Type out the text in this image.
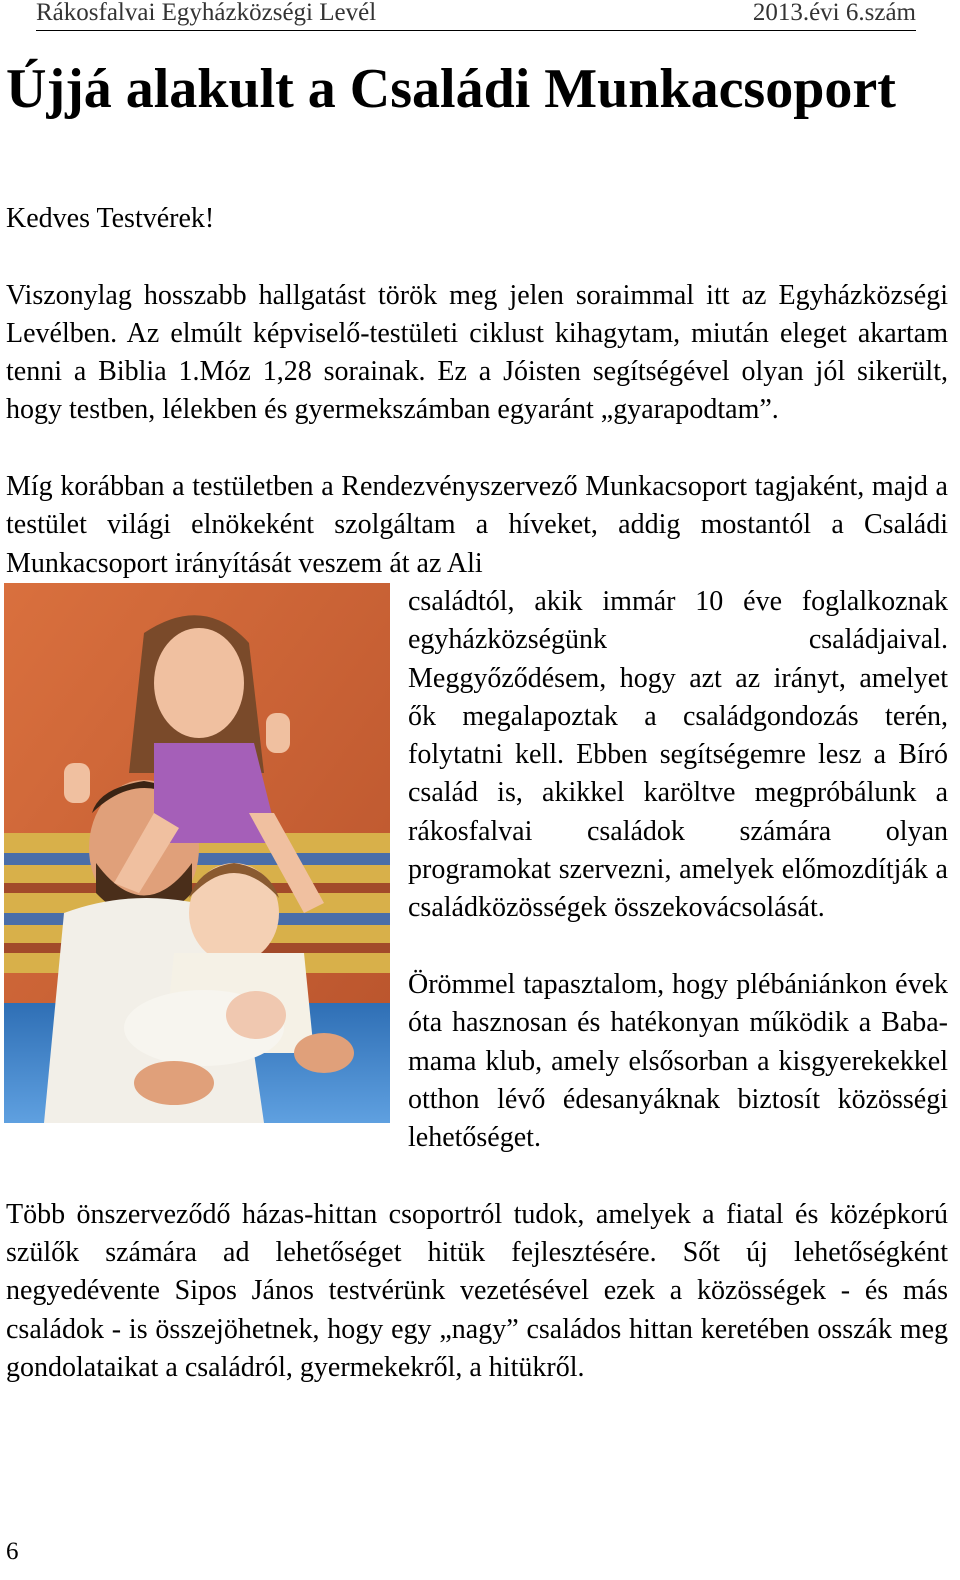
Rákosfalvai Egyházközségi Levél	2013.évi 6.szám
Újjá alakult a Családi Munkacsoport

Kedves Testvérek!

Viszonylag hosszabb hallgatást török meg jelen soraimmal itt az Egyházközségi Levélben. Az elmúlt képviselő-testületi ciklust kihagytam, miután eleget akartam tenni a Biblia 1.Móz 1,28 sorainak. Ez a Jóisten segítségével olyan jól sikerült, hogy testben, lélekben és gyermekszámban egyaránt „gyarapodtam”.

Míg korábban a testületben a Rendezvényszervező Munkacsoport tagjaként, majd a testület világi elnökeként szolgáltam a híveket, addig mostantól a Családi Munkacsoport irányítását veszem át az Ali

családtól, akik immár 10 éve foglalkoznak egyházközségünk családjaival. Meggyőződésem, hogy azt az irányt, amelyet ők megalapoztak a családgondozás terén, folytatni kell. Ebben segítségemre lesz a Bíró család is, akikkel karöltve megpróbálunk a rákosfalvai családok számára olyan programokat szervezni, amelyek előmozdítják a családközösségek összekovácsolását.

Örömmel tapasztalom, hogy plébániánkon évek óta hasznosan és hatékonyan működik a Baba-mama klub, amely elsősorban a kisgyerekekkel otthon lévő édesanyáknak biztosít közösségi lehetőséget.

Több önszerveződő házas-hittan csoportról tudok, amelyek a fiatal és középkorú szülők számára ad lehetőséget hitük fejlesztésére. Sőt új lehetőségként negyedévente Sipos János testvérünk vezetésével ezek a közösségek - és más családok - is összejöhetnek, hogy egy „nagy” családos hittan keretében osszák meg gondolataikat a családról, gyermekekről, a hitükről.

6
